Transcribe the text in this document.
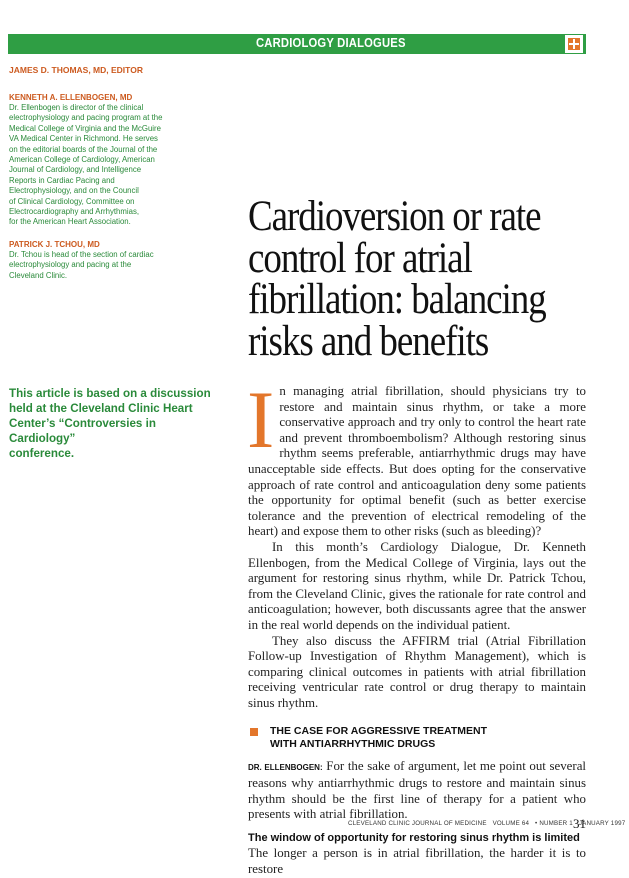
CARDIOLOGY DIALOGUES
JAMES D. THOMAS, MD, EDITOR
KENNETH A. ELLENBOGEN, MD
Dr. Ellenbogen is director of the clinical
electrophysiology and pacing program at the
Medical College of Virginia and the McGuire
VA Medical Center in Richmond. He serves
on the editorial boards of the Journal of the
American College of Cardiology, American
Journal of Cardiology, and Intelligence
Reports in Cardiac Pacing and
Electrophysiology, and on the Council
of Clinical Cardiology, Committee on
Electrocardiography and Arrhythmias,
for the American Heart Association.
PATRICK J. TCHOU, MD
Dr. Tchou is head of the section of cardiac
electrophysiology and pacing at the
Cleveland Clinic.
This article is based on a discussion
held at the Cleveland Clinic Heart
Center’s “Controversies in Cardiology”
conference.
Cardioversion or rate
control for atrial
fibrillation: balancing
risks and benefits

In managing atrial fibrillation, should physicians try to restore and maintain sinus rhythm, or take a more conservative approach and try only to control the heart rate and prevent thromboembolism? Although restoring sinus rhythm seems preferable, antiarrhythmic drugs may have unacceptable side effects. But does opting for the conservative approach of rate control and anticoagulation deny some patients the opportunity for optimal benefit (such as better exercise tolerance and the prevention of electrical remodeling of the heart) and expose them to other risks (such as bleeding)?

In this month’s Cardiology Dialogue, Dr. Kenneth Ellenbogen, from the Medical College of Virginia, lays out the argument for restoring sinus rhythm, while Dr. Patrick Tchou, from the Cleveland Clinic, gives the rationale for rate control and anticoagulation; however, both discussants agree that the answer in the real world depends on the individual patient.

They also discuss the AFFIRM trial (Atrial Fibrillation Follow-up Investigation of Rhythm Management), which is comparing clinical outcomes in patients with atrial fibrillation receiving ventricular rate control or drug therapy to maintain sinus rhythm.

THE CASE FOR AGGRESSIVE TREATMENT
WITH ANTIARRHYTHMIC DRUGS

DR. ELLENBOGEN: For the sake of argument, let me point out several reasons why antiarrhythmic drugs to restore and maintain sinus rhythm should be the first line of therapy for a patient who presents with atrial fibrillation.

The window of opportunity for restoring sinus rhythm is limited

The longer a person is in atrial fibrillation, the harder it is to restore

CLEVELAND CLINIC JOURNAL OF MEDICINE VOLUME 64 • NUMBER 1 JANUARY 1997
31
